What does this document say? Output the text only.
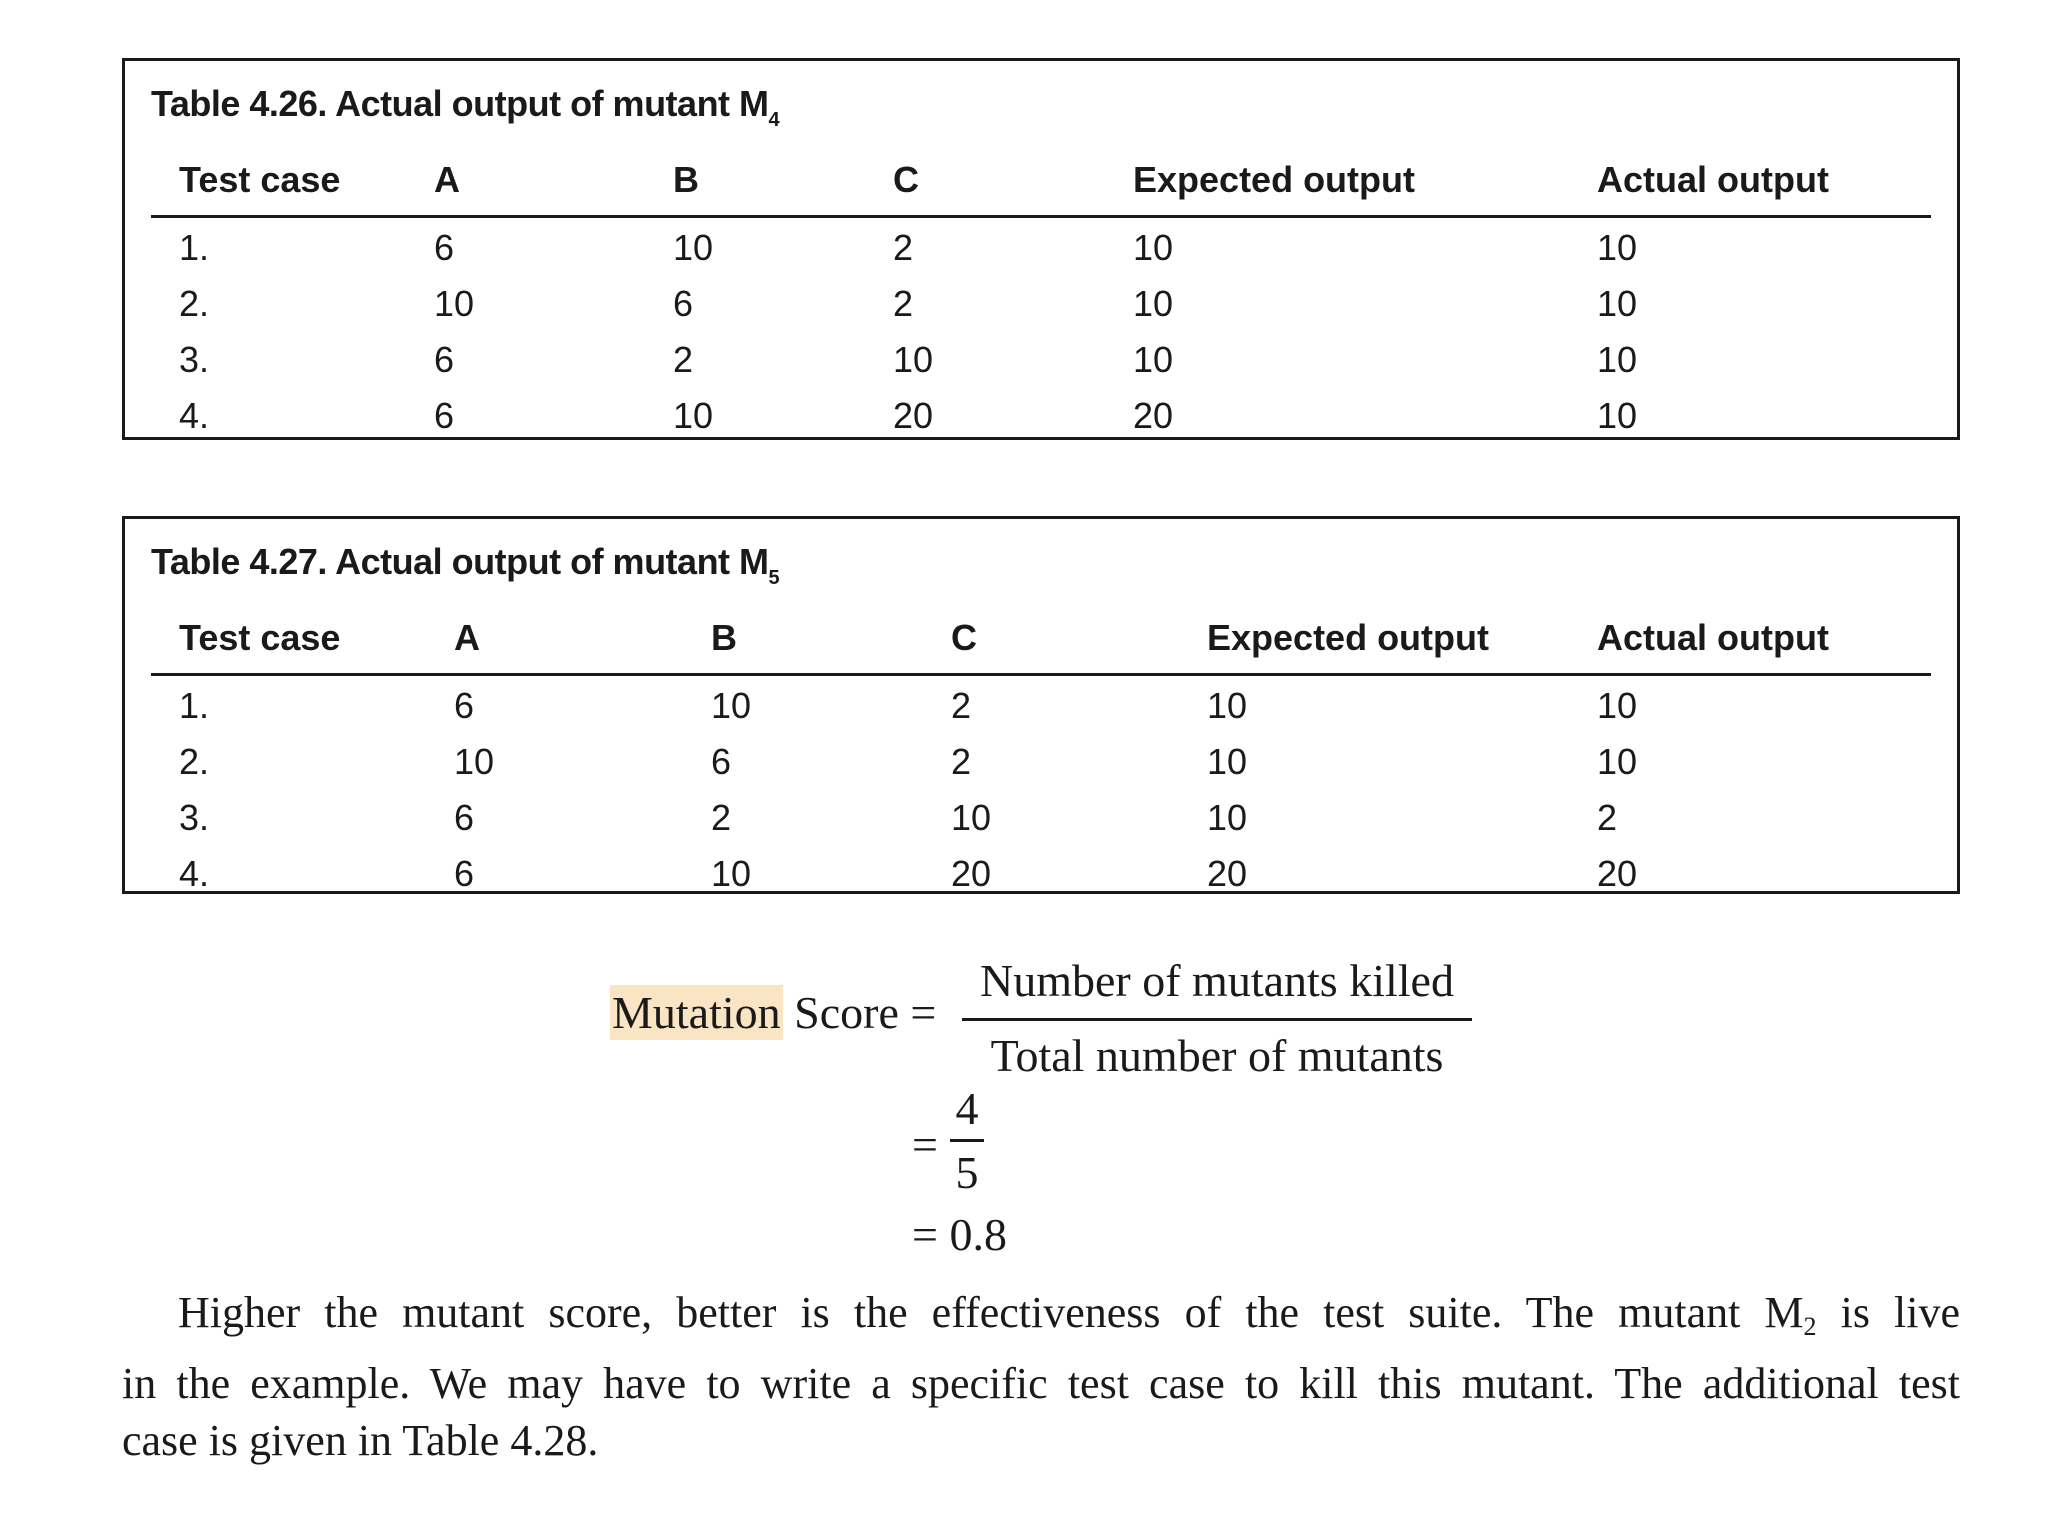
Table 4.26. Actual output of mutant $M_4$
Test case	A	B	C	Expected output	Actual output
1.	6	10	2	10	10
2.	10	6	2	10	10
3.	6	2	10	10	10
4.	6	10	20	20	10
Table 4.27. Actual output of mutant $M_5$
Test case	A	B	C	Expected output	Actual output
1.	6	10	2	10	10
2.	10	6	2	10	10
3.	6	2	10	10	2
4.	6	10	20	20	20
Mutation Score =
Number of mutants killed
Total number of mutants
=
4
5
= 0.8
Higher the mutant score, better is the effectiveness of the test suite. The mutant $M_2$ is live
in the example. We may have to write a specific test case to kill this mutant. The additional test
case is given in Table 4.28.
